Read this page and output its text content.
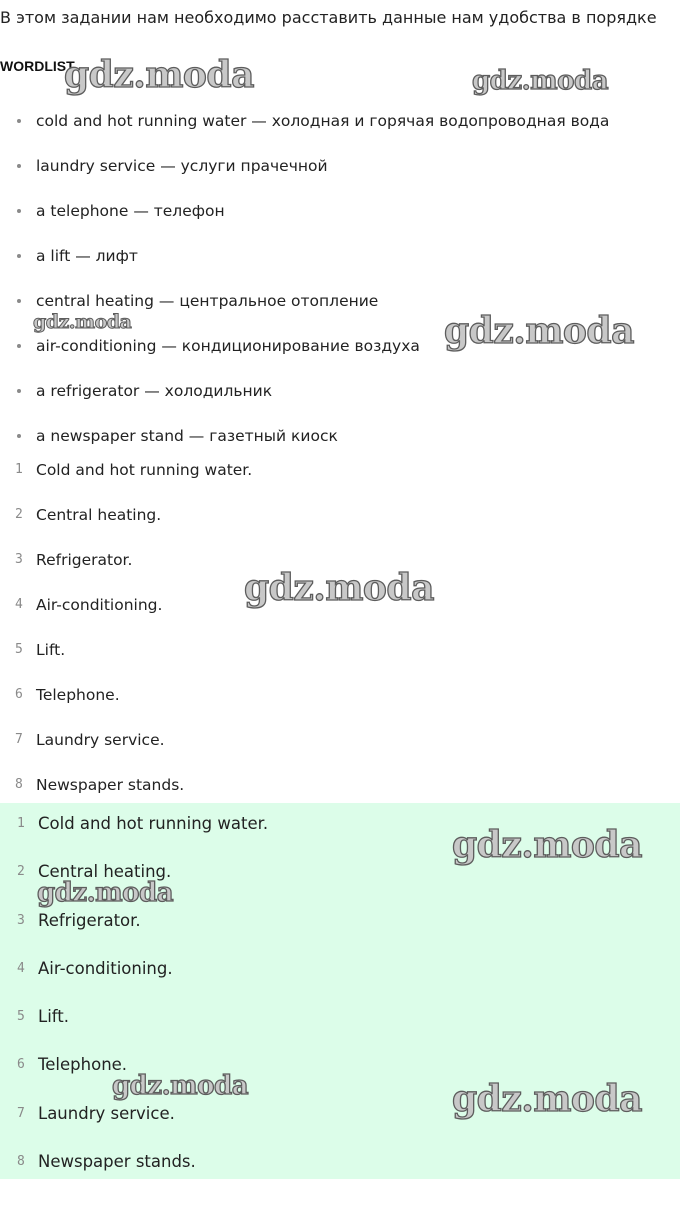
В этом задании нам необходимо расставить данные нам удобства в порядке
WORDLIST
cold and hot running water — холодная и горячая водопроводная вода
laundry service — услуги прачечной
a telephone — телефон
a lift — лифт
central heating — центральное отопление
air-conditioning — кондиционирование воздуха
a refrigerator — холодильник
a newspaper stand — газетный киоск
1 Cold and hot running water.
2 Central heating.
3 Refrigerator.
4 Air-conditioning.
5 Lift.
6 Telephone.
7 Laundry service.
8 Newspaper stands.
1 Cold and hot running water.
2 Central heating.
3 Refrigerator.
4 Air-conditioning.
5 Lift.
6 Telephone.
7 Laundry service.
8 Newspaper stands.
gdz.moda	gdz.moda
gdz.moda	gdz.moda
gdz.moda
gdz.moda
gdz.moda
gdz.moda	gdz.moda
